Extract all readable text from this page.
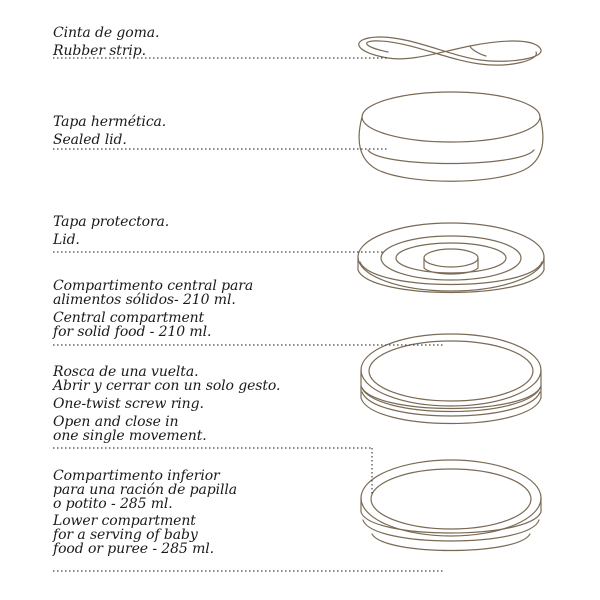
Cinta de goma.
Rubber strip.
Tapa hermética.
Sealed lid.
Tapa protectora.
Lid.
Compartimento central para
alimentos sólidos- 210 ml.
Central compartment
for solid food - 210 ml.
Rosca de una vuelta.
Abrir y cerrar con un solo gesto.
One-twist screw ring.
Open and close in
one single movement.
Compartimento inferior
para una ración de papilla
o potito - 285 ml.
Lower compartment
for a serving of baby
food or puree - 285 ml.
